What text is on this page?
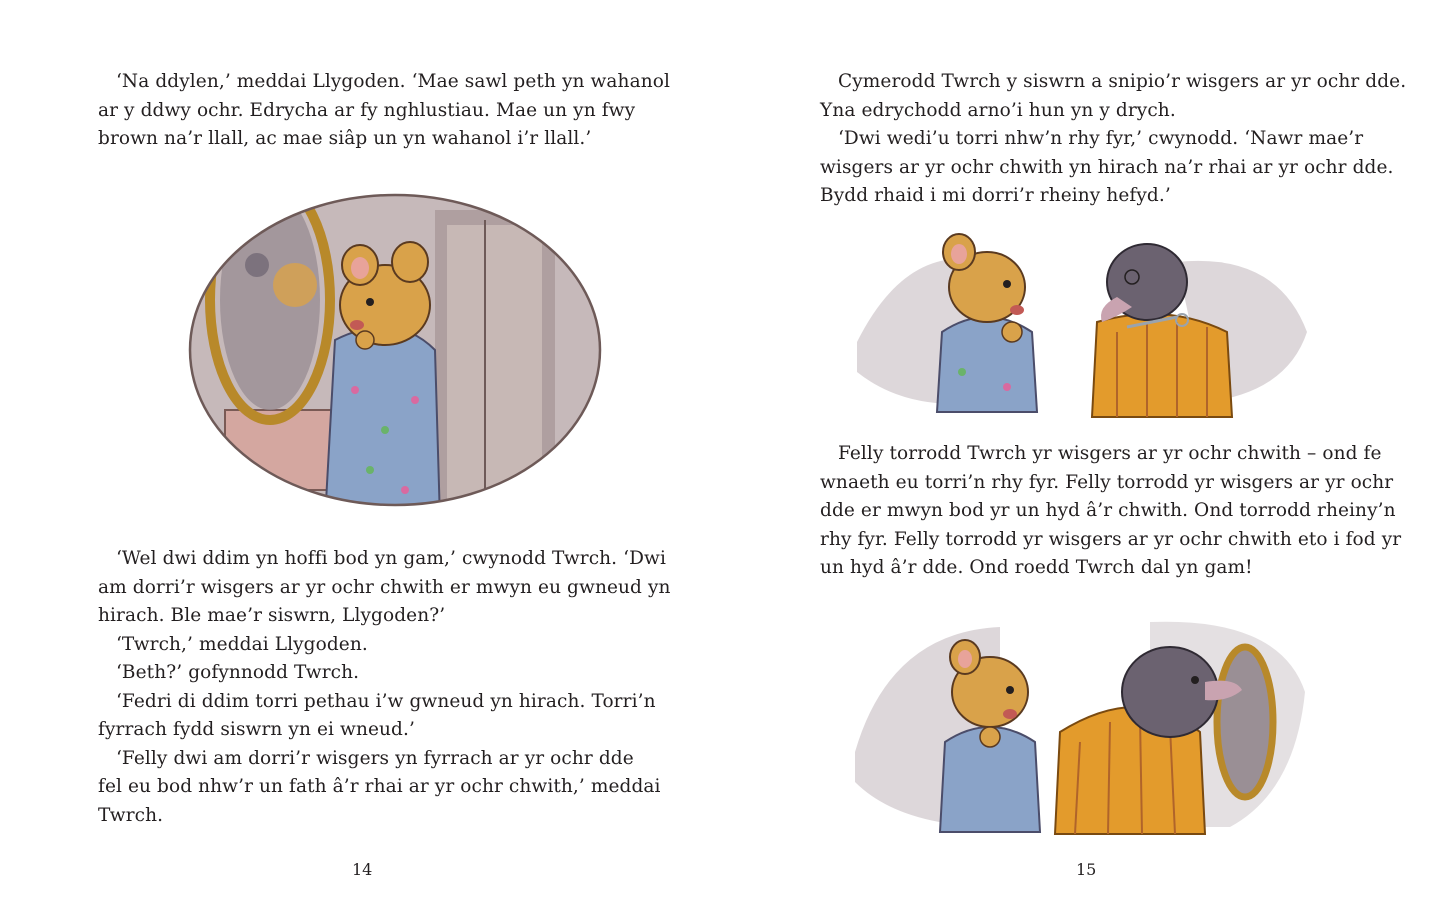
‘Na ddylen,’ meddai Llygoden. ‘Mae sawl peth yn wahanol
ar y ddwy ochr. Edrycha ar fy nghlustiau. Mae un yn fwy
brown na’r llall, ac mae siâp un yn wahanol i’r llall.’

‘Wel dwi ddim yn hoffi bod yn gam,’ cwynodd Twrch. ‘Dwi
am dorri’r wisgers ar yr ochr chwith er mwyn eu gwneud yn
hirach. Ble mae’r siswrn, Llygoden?’
‘Twrch,’ meddai Llygoden.
‘Beth?’ gofynnodd Twrch.
‘Fedri di ddim torri pethau i’w gwneud yn hirach. Torri’n
fyrrach fydd siswrn yn ei wneud.’
‘Felly dwi am dorri’r wisgers yn fyrrach ar yr ochr dde
fel eu bod nhw’r un fath â’r rhai ar yr ochr chwith,’ meddai
Twrch.

14

Cymerodd Twrch y siswrn a snipio’r wisgers ar yr ochr dde.
Yna edrychodd arno’i hun yn y drych.
‘Dwi wedi’u torri nhw’n rhy fyr,’ cwynodd. ‘Nawr mae’r
wisgers ar yr ochr chwith yn hirach na’r rhai ar yr ochr dde.
Bydd rhaid i mi dorri’r rheiny hefyd.’

Felly torrodd Twrch yr wisgers ar yr ochr chwith – ond fe
wnaeth eu torri’n rhy fyr. Felly torrodd yr wisgers ar yr ochr
dde er mwyn bod yr un hyd â’r chwith. Ond torrodd rheiny’n
rhy fyr. Felly torrodd yr wisgers ar yr ochr chwith eto i fod yr
un hyd â’r dde. Ond roedd Twrch dal yn gam!

15
